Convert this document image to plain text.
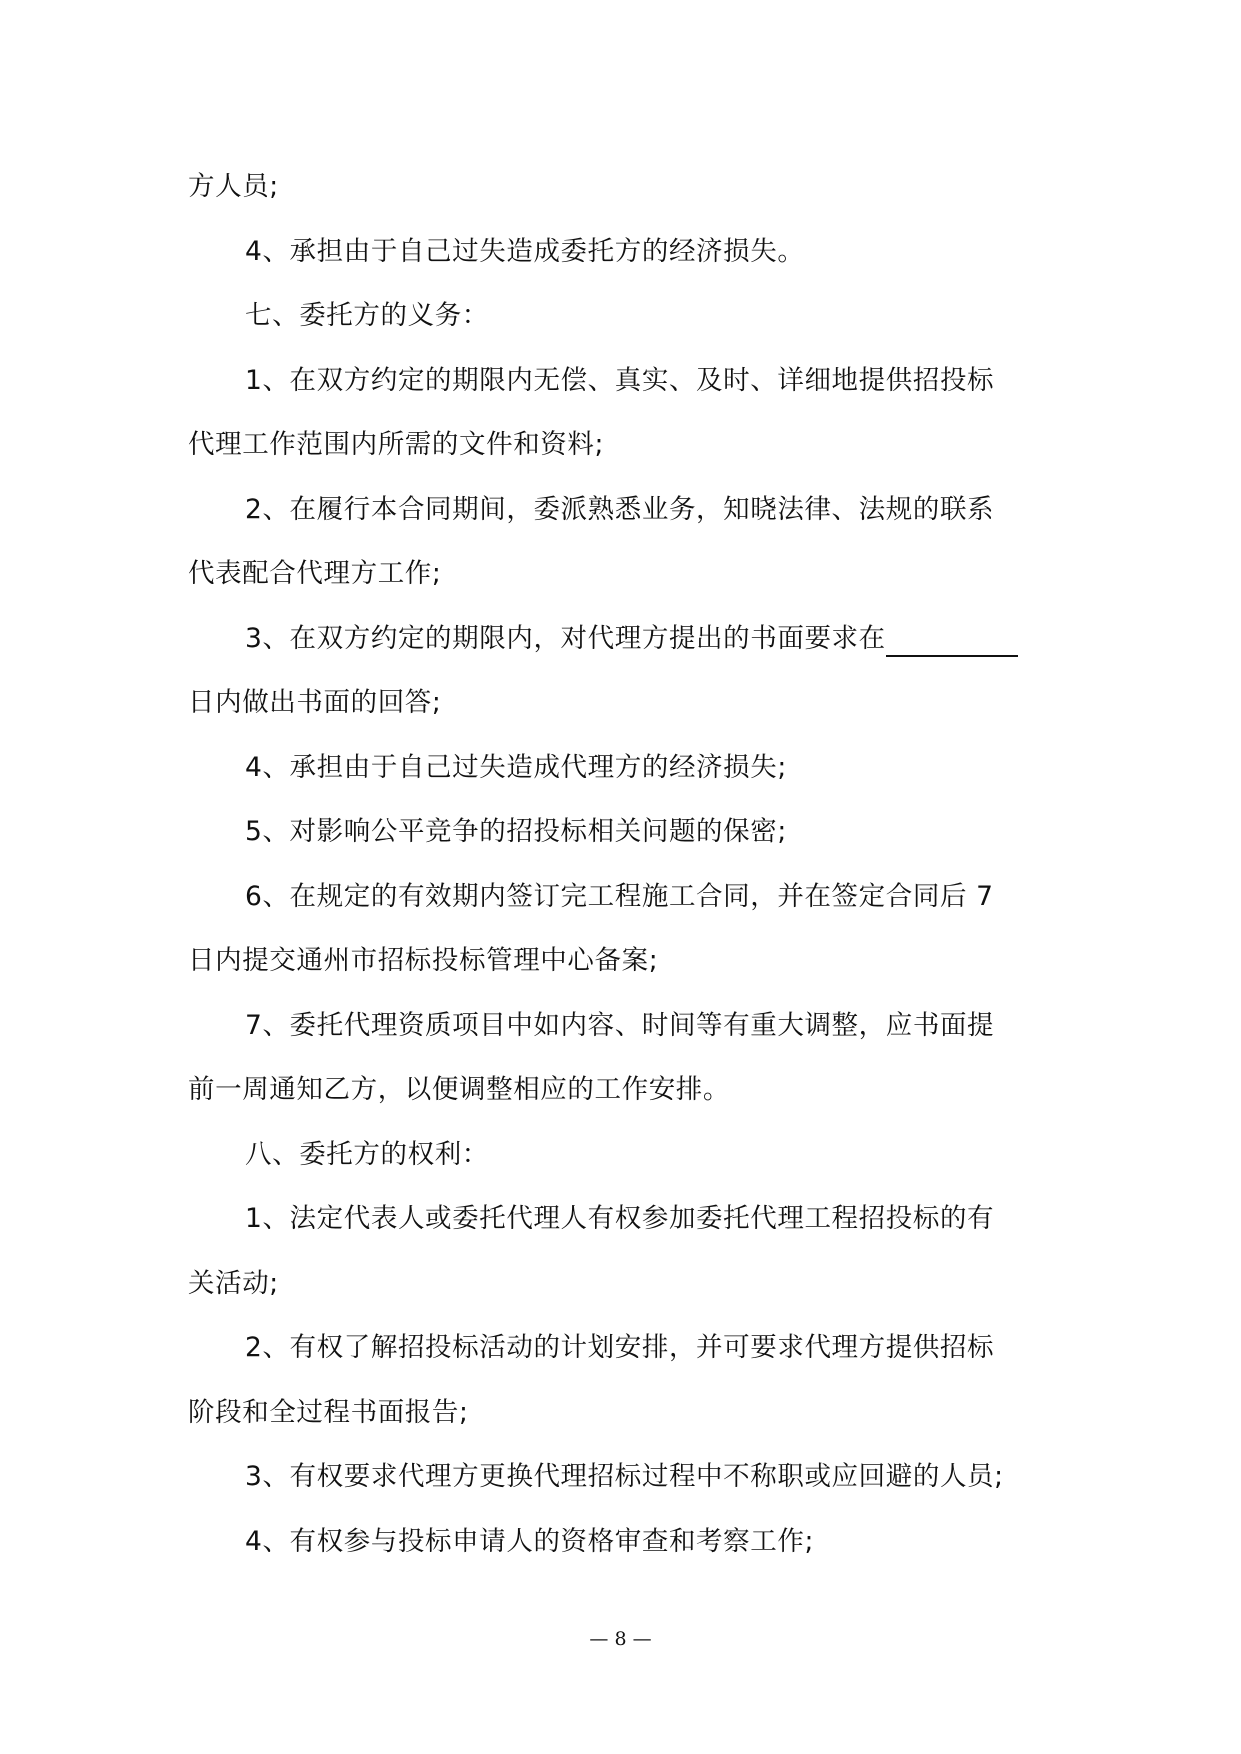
方人员;
4、承担由于自己过失造成委托方的经济损失。
七、委托方的义务：
1、在双方约定的期限内无偿、真实、及时、详细地提供招投标
代理工作范围内所需的文件和资料;
2、在履行本合同期间，委派熟悉业务，知晓法律、法规的联系
代表配合代理方工作;
3、在双方约定的期限内，对代理方提出的书面要求在
日内做出书面的回答;
4、承担由于自己过失造成代理方的经济损失;
5、对影响公平竞争的招投标相关问题的保密;
6、在规定的有效期内签订完工程施工合同，并在签定合同后 7
日内提交通州市招标投标管理中心备案;
7、委托代理资质项目中如内容、时间等有重大调整，应书面提
前一周通知乙方，以便调整相应的工作安排。
八、委托方的权利：
1、法定代表人或委托代理人有权参加委托代理工程招投标的有
关活动;
2、有权了解招投标活动的计划安排，并可要求代理方提供招标
阶段和全过程书面报告;
3、有权要求代理方更换代理招标过程中不称职或应回避的人员;
4、有权参与投标申请人的资格审查和考察工作;
— 8 —
